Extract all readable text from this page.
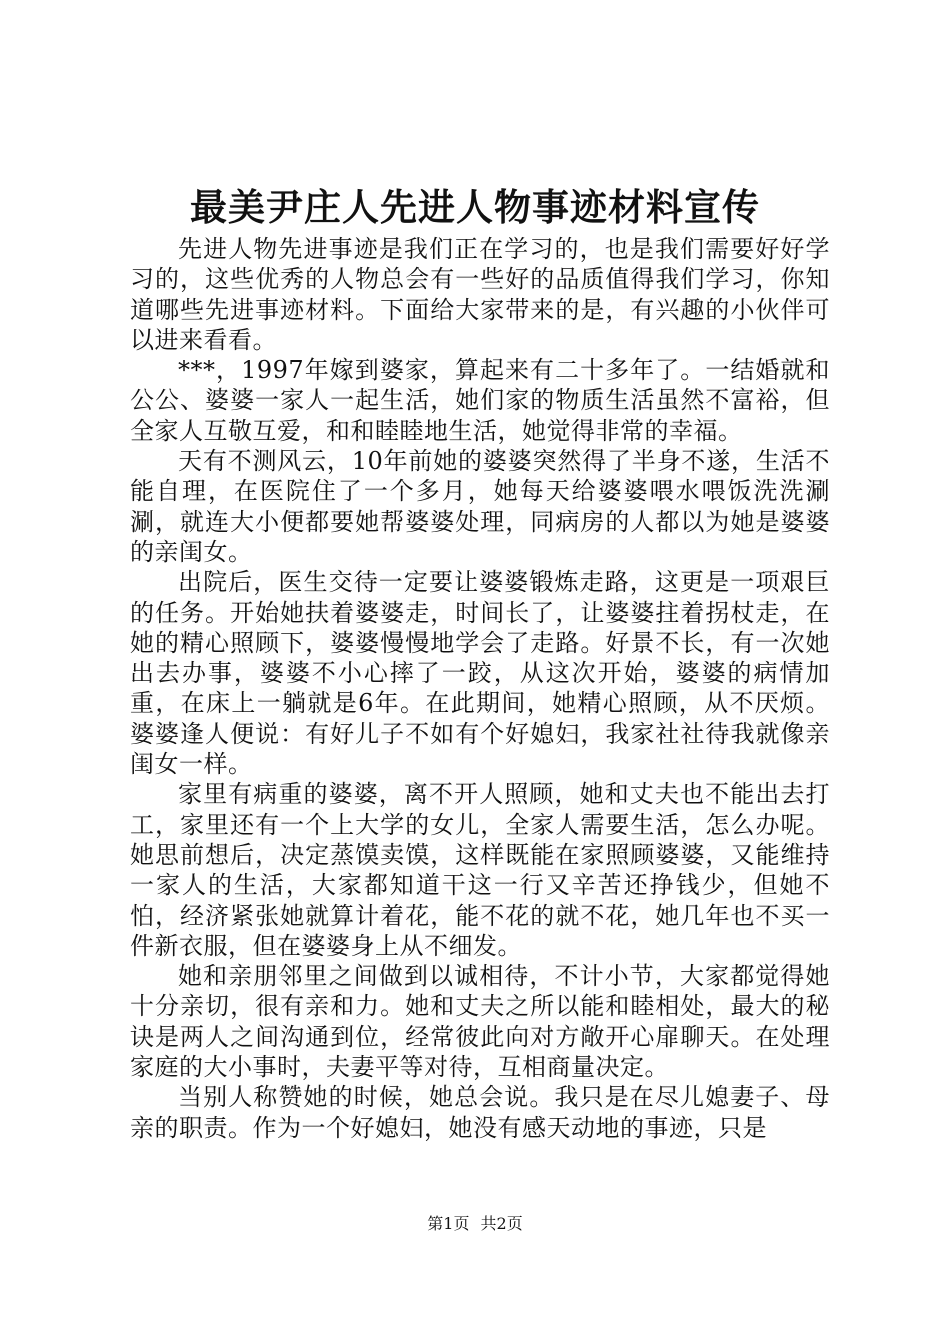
最美尹庄人先进人物事迹材料宣传

先进人物先进事迹是我们正在学习的，也是我们需要好好学习的，这些优秀的人物总会有一些好的品质值得我们学习，你知道哪些先进事迹材料。下面给大家带来的是，有兴趣的小伙伴可以进来看看。

***，1997年嫁到婆家，算起来有二十多年了。一结婚就和公公、婆婆一家人一起生活，她们家的物质生活虽然不富裕，但全家人互敬互爱，和和睦睦地生活，她觉得非常的幸福。

天有不测风云，10年前她的婆婆突然得了半身不遂，生活不能自理，在医院住了一个多月，她每天给婆婆喂水喂饭洗洗涮涮，就连大小便都要她帮婆婆处理，同病房的人都以为她是婆婆的亲闺女。

出院后，医生交待一定要让婆婆锻炼走路，这更是一项艰巨的任务。开始她扶着婆婆走，时间长了，让婆婆拄着拐杖走，在她的精心照顾下，婆婆慢慢地学会了走路。好景不长，有一次她出去办事，婆婆不小心摔了一跤，从这次开始，婆婆的病情加重，在床上一躺就是6年。在此期间，她精心照顾，从不厌烦。婆婆逢人便说：有好儿子不如有个好媳妇，我家社社待我就像亲闺女一样。

家里有病重的婆婆，离不开人照顾，她和丈夫也不能出去打工，家里还有一个上大学的女儿，全家人需要生活，怎么办呢。她思前想后，决定蒸馍卖馍，这样既能在家照顾婆婆，又能维持一家人的生活，大家都知道干这一行又辛苦还挣钱少，但她不怕，经济紧张她就算计着花，能不花的就不花，她几年也不买一件新衣服，但在婆婆身上从不细发。

她和亲朋邻里之间做到以诚相待，不计小节，大家都觉得她十分亲切，很有亲和力。她和丈夫之所以能和睦相处，最大的秘诀是两人之间沟通到位，经常彼此向对方敞开心扉聊天。在处理家庭的大小事时，夫妻平等对待，互相商量决定。

当别人称赞她的时候，她总会说。我只是在尽儿媳妻子、母亲的职责。作为一个好媳妇，她没有感天动地的事迹，只是

第1页 共2页
